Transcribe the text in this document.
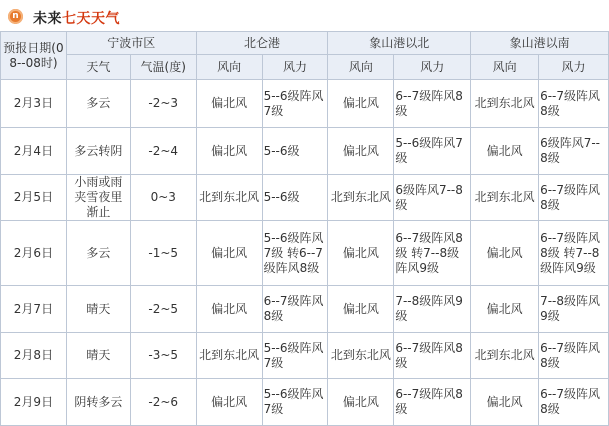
n	未来七天天气
预报日期(08--08时)	宁波市区		北仑港		象山港以北		象山港以南	
	天气	气温(度)	风向	风力	风向	风力	风向	风力

2月3日	多云	-2~3	偏北风	5--6级阵风7级	偏北风	6--7级阵风8级	北到东北风	6--7级阵风8级

2月4日	多云转阴	-2~4	偏北风	5--6级	偏北风	5--6级阵风7级	偏北风	6级阵风7--8级

2月5日	小雨或雨夹雪夜里渐止	0~3	北到东北风	5--6级	北到东北风	6级阵风7--8级	北到东北风	6--7级阵风8级

2月6日	多云	-1~5	偏北风	5--6级阵风7级 转6--7级阵风8级	偏北风	6--7级阵风8级 转7--8级阵风9级	偏北风	6--7级阵风8级 转7--8级阵风9级

2月7日	晴天	-2~5	偏北风	6--7级阵风8级	偏北风	7--8级阵风9级	偏北风	7--8级阵风9级

2月8日	晴天	-3~5	北到东北风	5--6级阵风7级	北到东北风	6--7级阵风8级	北到东北风	6--7级阵风8级

2月9日	阴转多云	-2~6	偏北风	5--6级阵风7级	偏北风	6--7级阵风8级	偏北风	6--7级阵风8级
